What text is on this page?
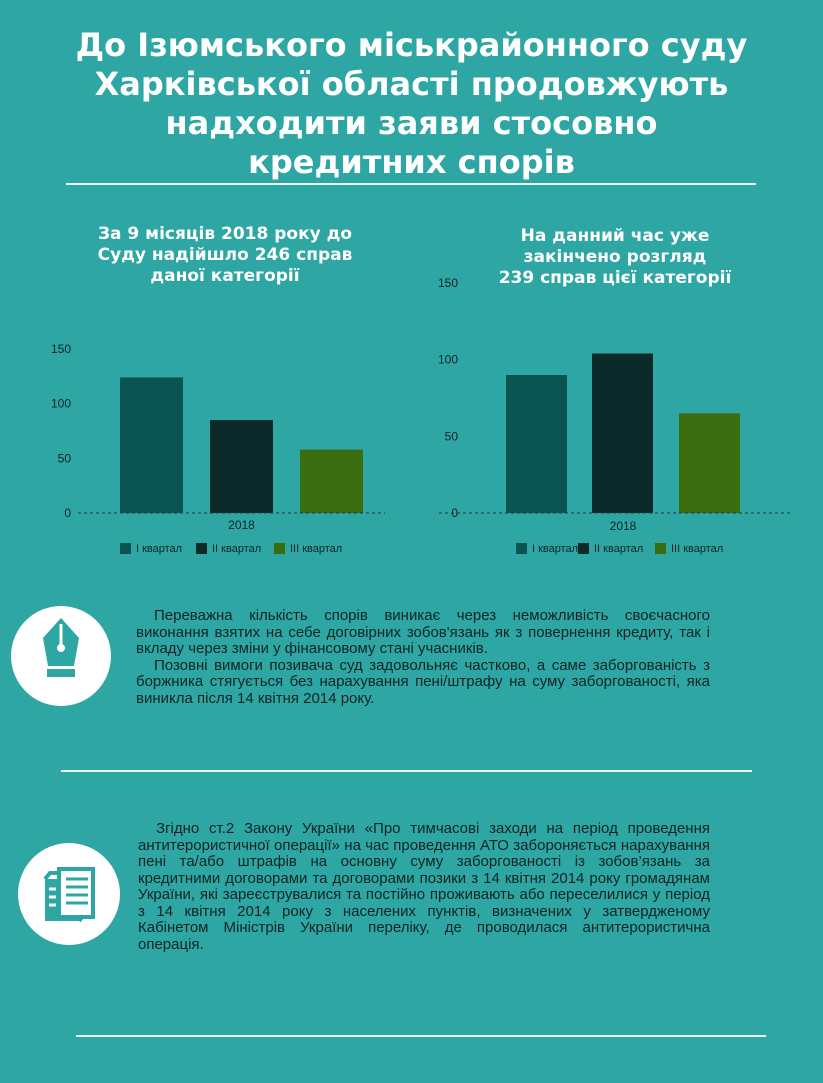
До Ізюмського міськрайонного суду
Харківської області продовжують
надходити заяви стосовно
кредитних спорів
За 9 місяців 2018 року до
Суду надійшло 246 справ
даної категорії
На данний час уже
закінчено розгляд
239 справ цієї категорії
0
50
100
150
2018
І квартал	ІІ квартал	ІІІ квартал
0
50
100
150
2018
І квартал ІІ квартал	ІІІ квартал

Переважна кількість спорів виникає через неможливість своєчасного виконання взятих на себе договірних зобов'язань як з повернення кредиту, так і вкладу через зміни у фінансовому стані учасників.

Позовні вимоги позивача суд задовольняє частково, а саме заборгованість з боржника стягується без нарахування пені/штрафу на суму заборгованості, яка виникла після 14 квітня 2014 року.

Згідно ст.2 Закону України «Про тимчасові заходи на період проведення антитерористичної операції» на час проведення АТО забороняється нарахування пені та/або штрафів на основну суму заборгованості із зобов’язань за кредитними договорами та договорами позики з 14 квітня 2014 року громадянам України, які зареєструвалися та постійно проживають або переселилися у період з 14 квітня 2014 року з населених пунктів, визначених у затвердженому Кабінетом Міністрів України переліку, де проводилася антитерористична операція.
